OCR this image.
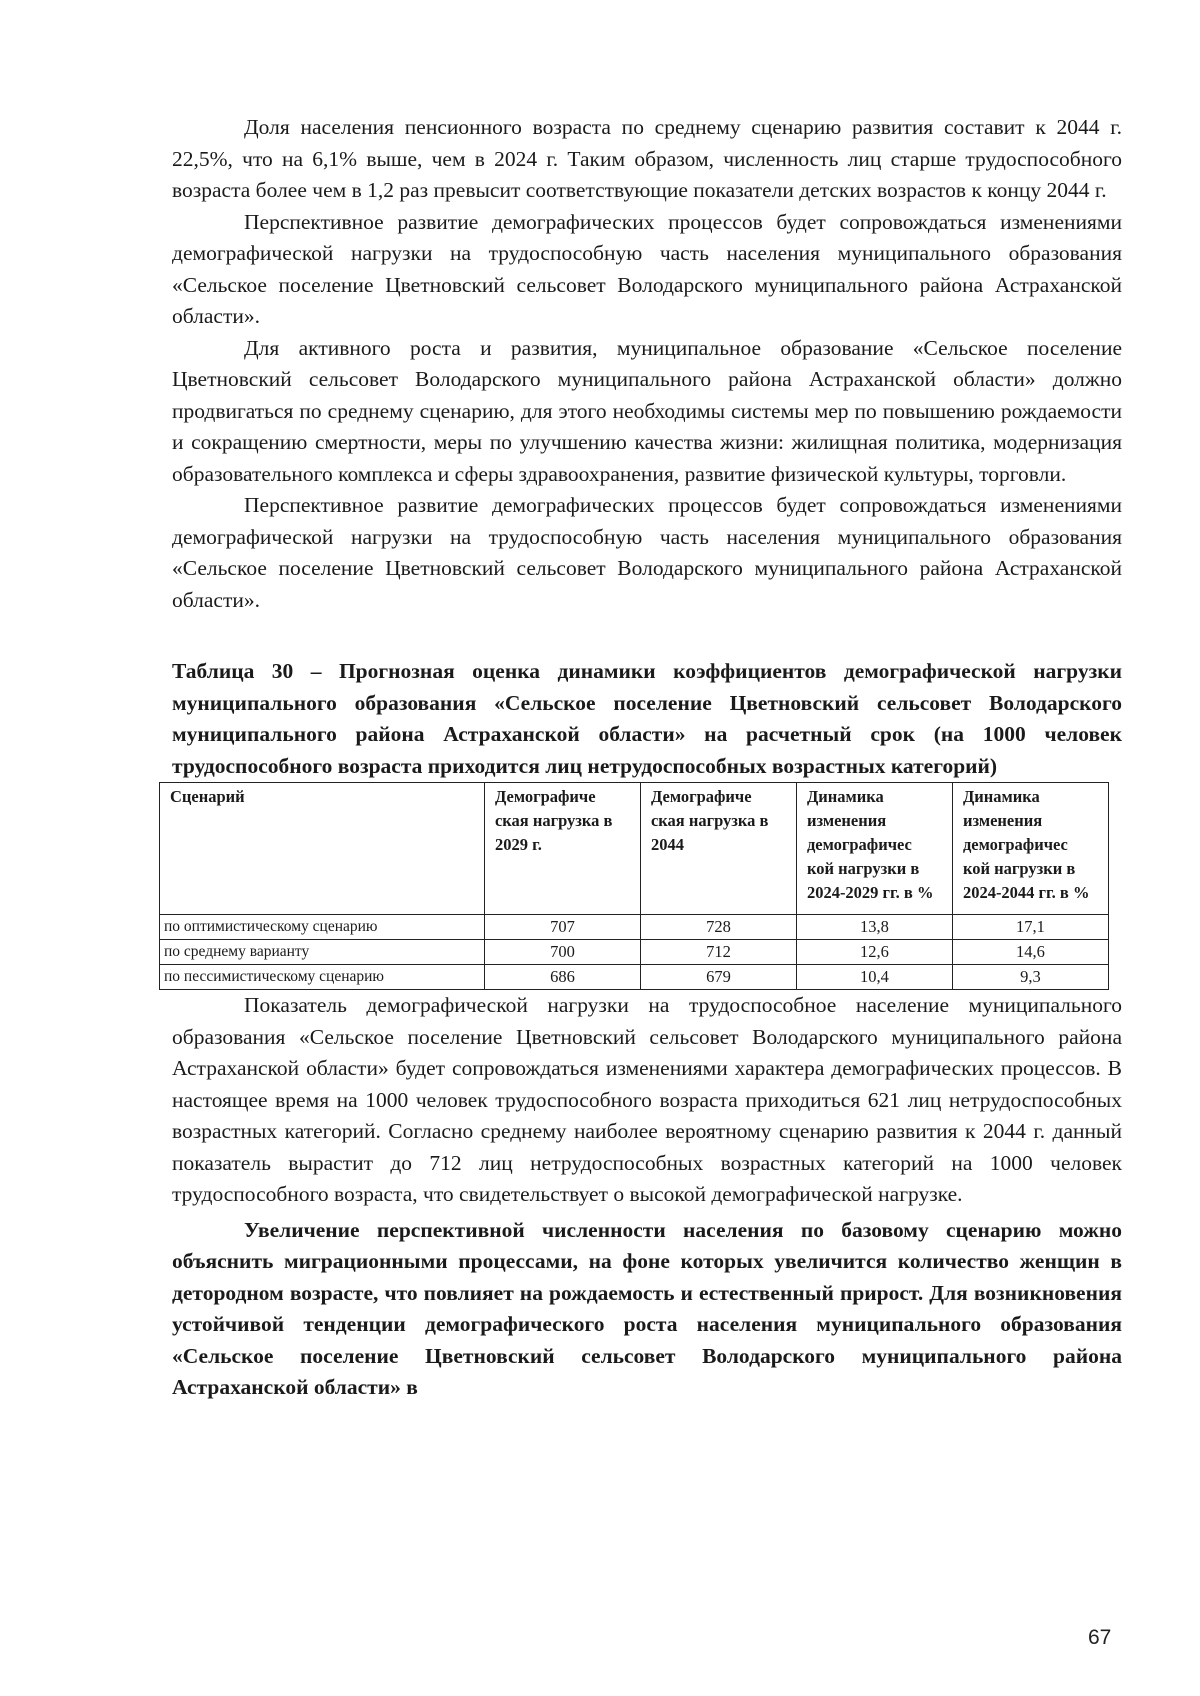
Доля населения пенсионного возраста по среднему сценарию развития составит к 2044 г. 22,5%, что на 6,1% выше, чем в 2024 г. Таким образом, численность лиц старше трудоспособного возраста более чем в 1,2 раз превысит соответствующие показатели детских возрастов к концу 2044 г.

Перспективное развитие демографических процессов будет сопровождаться изменениями демографической нагрузки на трудоспособную часть населения муниципального образования «Сельское поселение Цветновский сельсовет Володарского муниципального района Астраханской области».

Для активного роста и развития, муниципальное образование «Сельское поселение Цветновский сельсовет Володарского муниципального района Астраханской области» должно продвигаться по среднему сценарию, для этого необходимы системы мер по повышению рождаемости и сокращению смертности, меры по улучшению качества жизни: жилищная политика, модернизация образовательного комплекса и сферы здравоохранения, развитие физической культуры, торговли.

Перспективное развитие демографических процессов будет сопровождаться изменениями демографической нагрузки на трудоспособную часть населения муниципального образования «Сельское поселение Цветновский сельсовет Володарского муниципального района Астраханской области».

Таблица 30 – Прогнозная оценка динамики коэффициентов демографической нагрузки муниципального образования «Сельское поселение Цветновский сельсовет Володарского муниципального района Астраханской области» на расчетный срок (на 1000 человек трудоспособного возраста приходится лиц нетрудоспособных возрастных категорий)
Сценарий	Демографиче ская нагрузка в 2029 г.	Демографиче ская нагрузка в 2044	Динамика изменения демографичес кой нагрузки в 2024-2029 гг. в %	Динамика изменения демографичес кой нагрузки в 2024-2044 гг. в %
по оптимистическому сценарию	707	728	13,8	17,1
по среднему варианту	700	712	12,6	14,6
по пессимистическому сценарию	686	679	10,4	9,3

Показатель демографической нагрузки на трудоспособное население муниципального образования «Сельское поселение Цветновский сельсовет Володарского муниципального района Астраханской области» будет сопровождаться изменениями характера демографических процессов. В настоящее время на 1000 человек трудоспособного возраста приходиться 621 лиц нетрудоспособных возрастных категорий. Согласно среднему наиболее вероятному сценарию развития к 2044 г. данный показатель вырастит до 712 лиц нетрудоспособных возрастных категорий на 1000 человек трудоспособного возраста, что свидетельствует о высокой демографической нагрузке.

Увеличение перспективной численности населения по базовому сценарию можно объяснить миграционными процессами, на фоне которых увеличится количество женщин в детородном возрасте, что повлияет на рождаемость и естественный прирост. Для возникновения устойчивой тенденции демографического роста населения муниципального образования «Сельское поселение Цветновский сельсовет Володарского муниципального района Астраханской области» в

67
